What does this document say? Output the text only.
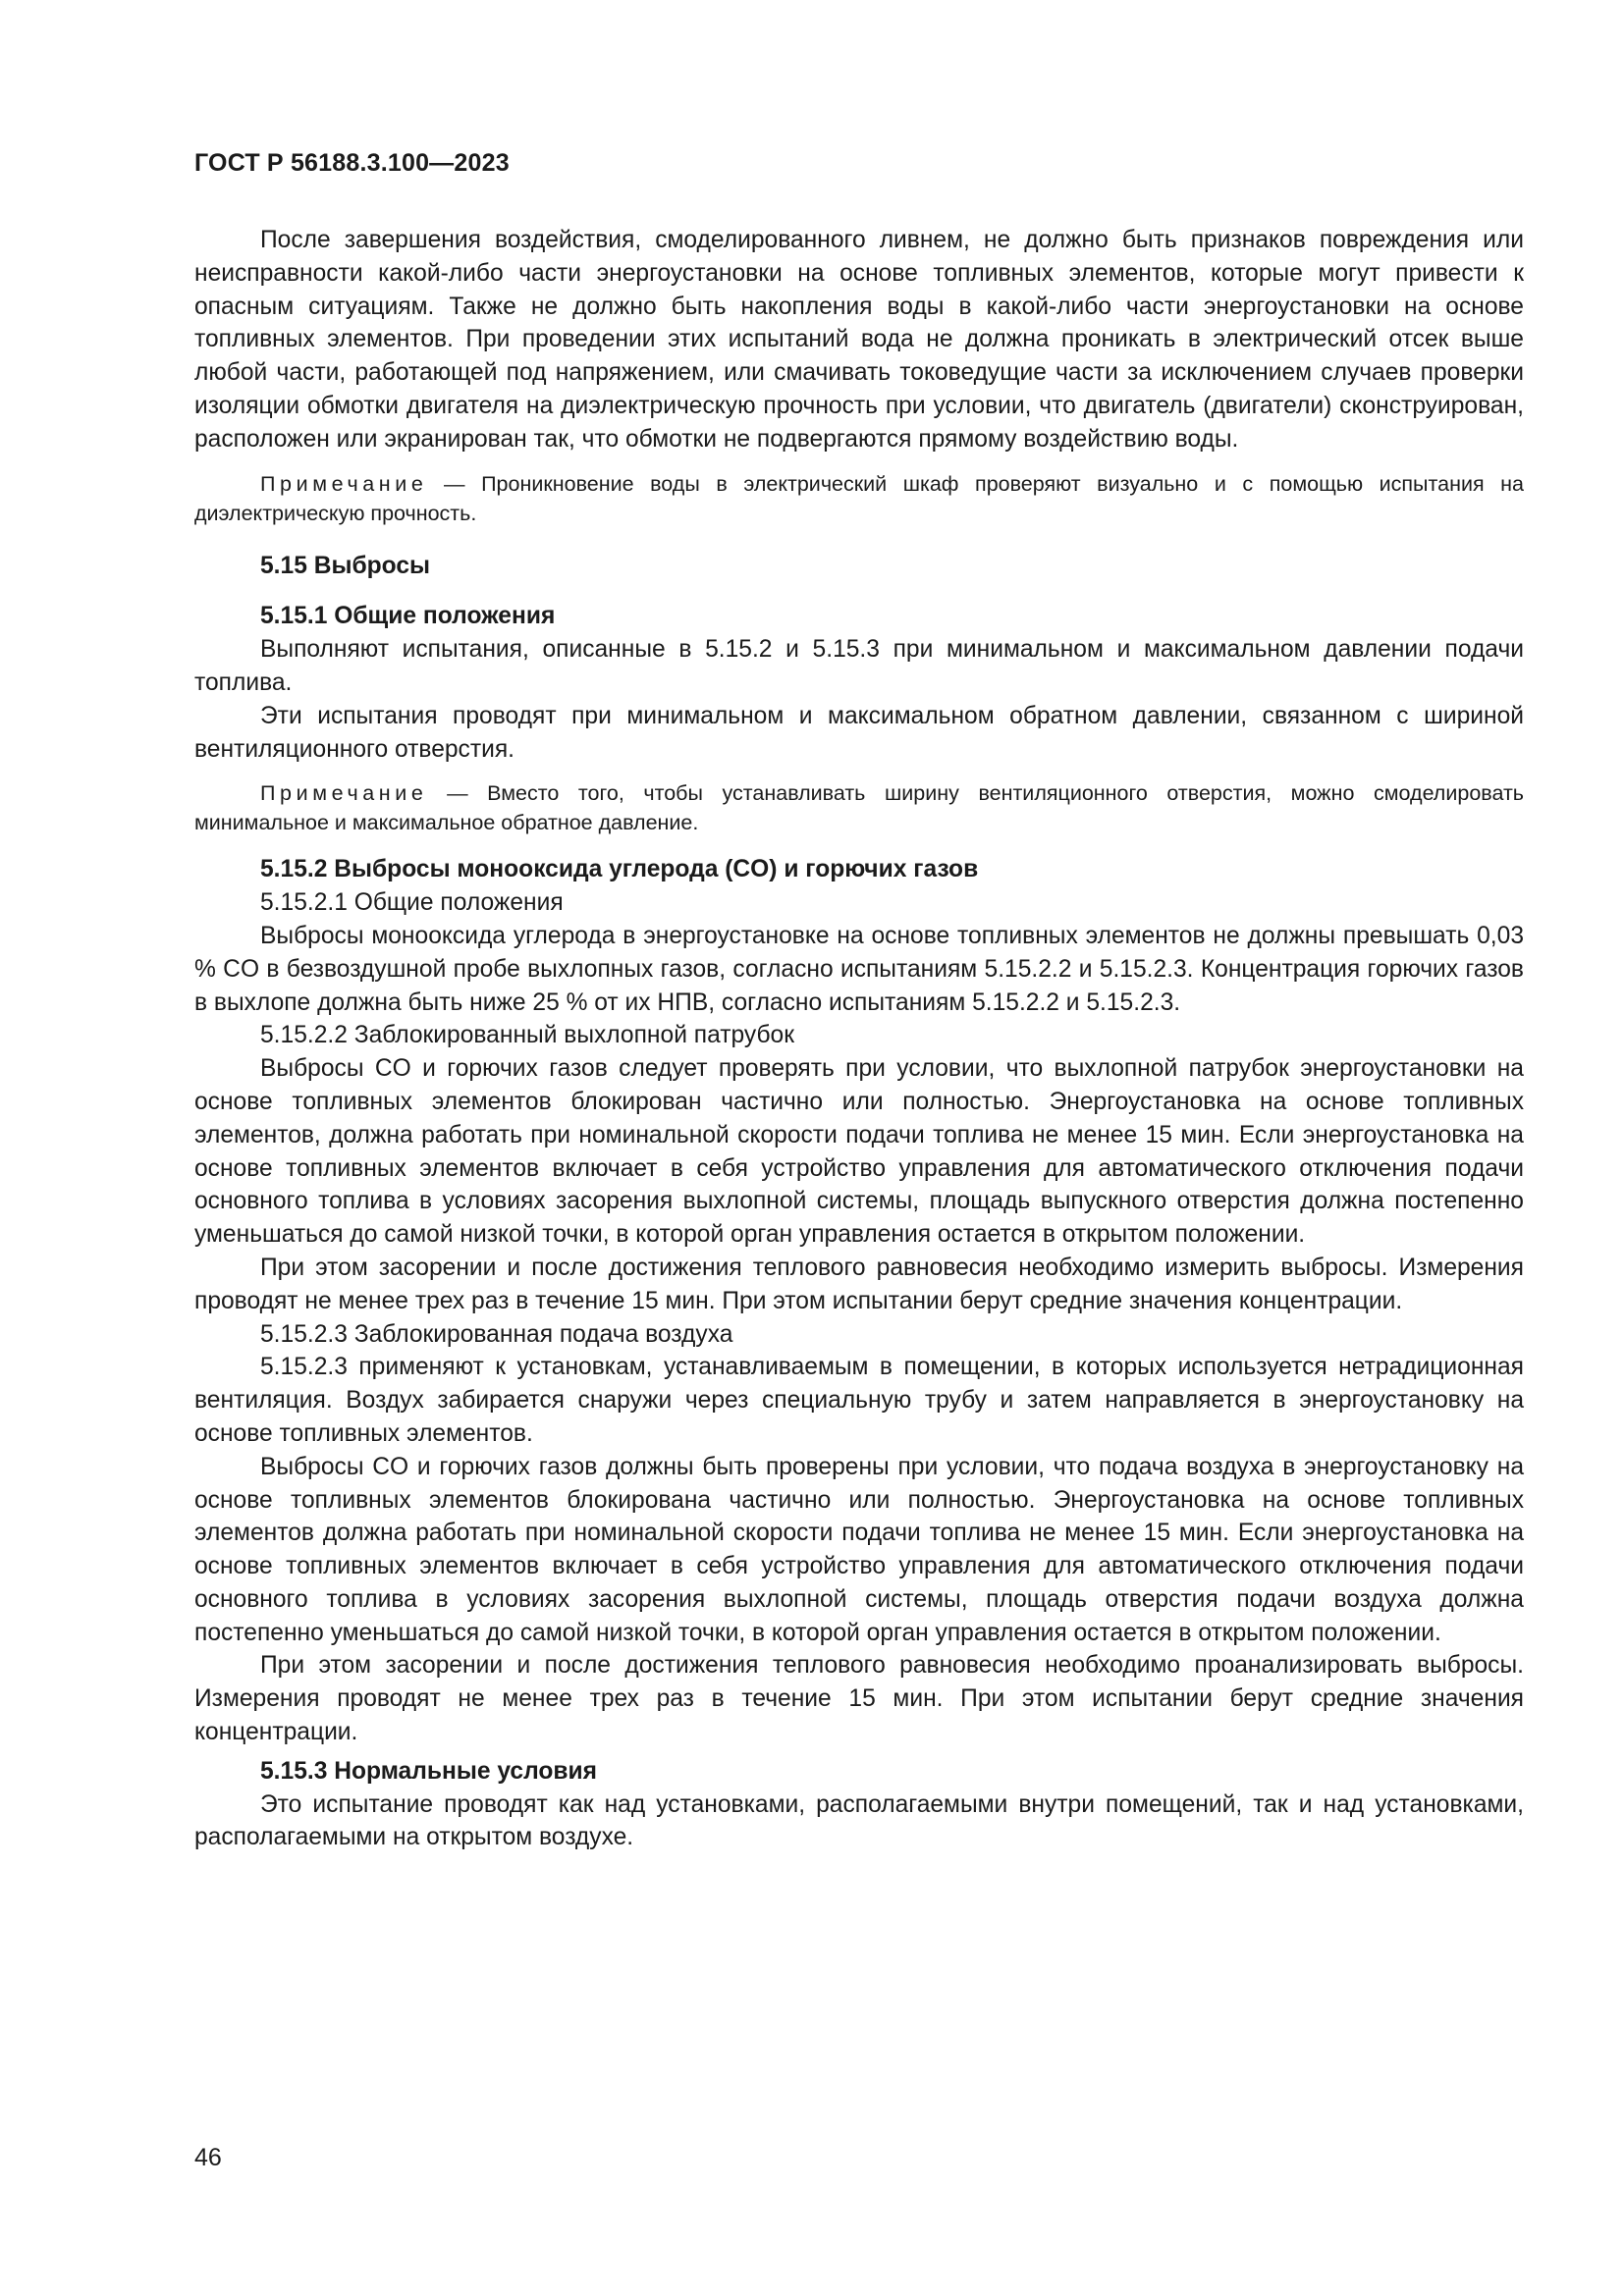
ГОСТ Р 56188.3.100—2023

После завершения воздействия, смоделированного ливнем, не должно быть признаков повреждения или неисправности какой-либо части энергоустановки на основе топливных элементов, которые могут привести к опасным ситуациям. Также не должно быть накопления воды в какой-либо части энергоустановки на основе топливных элементов. При проведении этих испытаний вода не должна проникать в электрический отсек выше любой части, работающей под напряжением, или смачивать токоведущие части за исключением случаев проверки изоляции обмотки двигателя на диэлектрическую прочность при условии, что двигатель (двигатели) сконструирован, расположен или экранирован так, что обмотки не подвергаются прямому воздействию воды.

Примечание — Проникновение воды в электрический шкаф проверяют визуально и с помощью испытания на диэлектрическую прочность.

5.15 Выбросы

5.15.1 Общие положения

Выполняют испытания, описанные в 5.15.2 и 5.15.3 при минимальном и максимальном давлении подачи топлива.

Эти испытания проводят при минимальном и максимальном обратном давлении, связанном с шириной вентиляционного отверстия.

Примечание — Вместо того, чтобы устанавливать ширину вентиляционного отверстия, можно смоделировать минимальное и максимальное обратное давление.

5.15.2 Выбросы монооксида углерода (CO) и горючих газов

5.15.2.1 Общие положения

Выбросы монооксида углерода в энергоустановке на основе топливных элементов не должны превышать 0,03 % CO в безвоздушной пробе выхлопных газов, согласно испытаниям 5.15.2.2 и 5.15.2.3. Концентрация горючих газов в выхлопе должна быть ниже 25 % от их НПВ, согласно испытаниям 5.15.2.2 и 5.15.2.3.

5.15.2.2 Заблокированный выхлопной патрубок

Выбросы CO и горючих газов следует проверять при условии, что выхлопной патрубок энергоустановки на основе топливных элементов блокирован частично или полностью. Энергоустановка на основе топливных элементов, должна работать при номинальной скорости подачи топлива не менее 15 мин. Если энергоустановка на основе топливных элементов включает в себя устройство управления для автоматического отключения подачи основного топлива в условиях засорения выхлопной системы, площадь выпускного отверстия должна постепенно уменьшаться до самой низкой точки, в которой орган управления остается в открытом положении.

При этом засорении и после достижения теплового равновесия необходимо измерить выбросы. Измерения проводят не менее трех раз в течение 15 мин. При этом испытании берут средние значения концентрации.

5.15.2.3 Заблокированная подача воздуха

5.15.2.3 применяют к установкам, устанавливаемым в помещении, в которых используется нетрадиционная вентиляция. Воздух забирается снаружи через специальную трубу и затем направляется в энергоустановку на основе топливных элементов.

Выбросы CO и горючих газов должны быть проверены при условии, что подача воздуха в энергоустановку на основе топливных элементов блокирована частично или полностью. Энергоустановка на основе топливных элементов должна работать при номинальной скорости подачи топлива не менее 15 мин. Если энергоустановка на основе топливных элементов включает в себя устройство управления для автоматического отключения подачи основного топлива в условиях засорения выхлопной системы, площадь отверстия подачи воздуха должна постепенно уменьшаться до самой низкой точки, в которой орган управления остается в открытом положении.

При этом засорении и после достижения теплового равновесия необходимо проанализировать выбросы. Измерения проводят не менее трех раз в течение 15 мин. При этом испытании берут средние значения концентрации.

5.15.3 Нормальные условия

Это испытание проводят как над установками, располагаемыми внутри помещений, так и над установками, располагаемыми на открытом воздухе.

46
